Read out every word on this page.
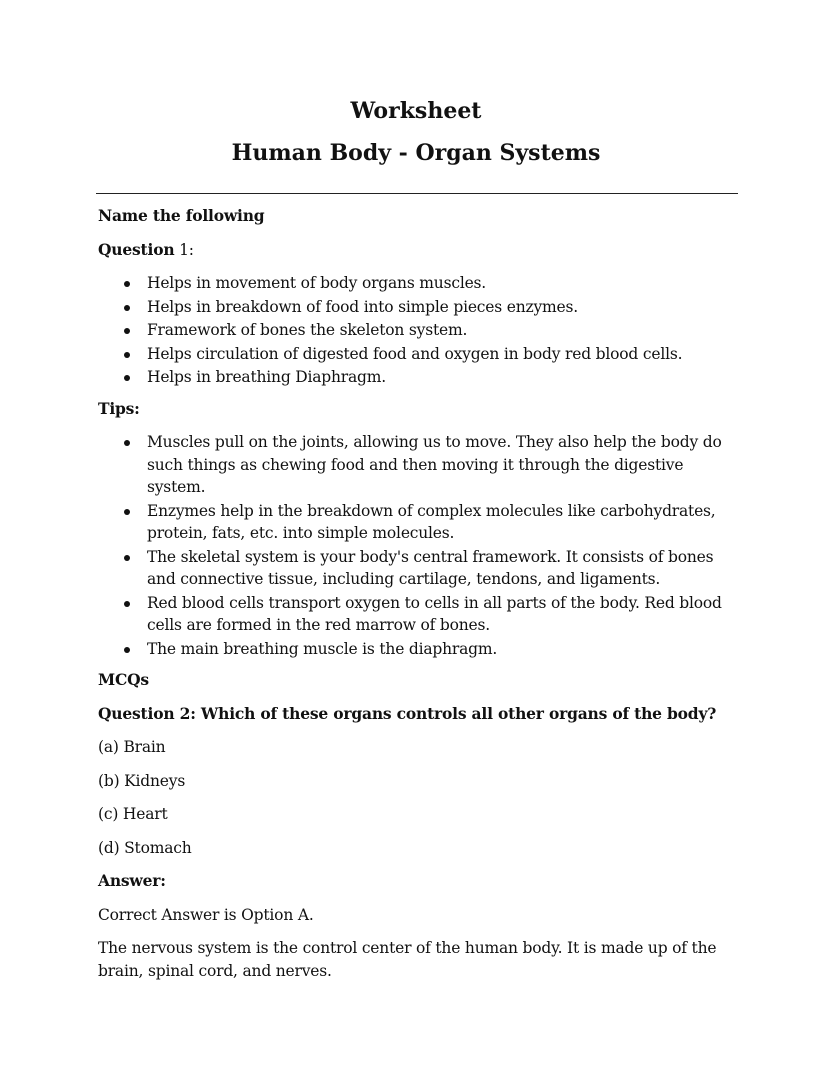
Worksheet
Human Body - Organ Systems

Name the following

Question 1:

Helps in movement of body organs muscles.
Helps in breakdown of food into simple pieces enzymes.
Framework of bones the skeleton system.
Helps circulation of digested food and oxygen in body red blood cells.
Helps in breathing Diaphragm.

Tips:

Muscles pull on the joints, allowing us to move. They also help the body do such things as chewing food and then moving it through the digestive system.
Enzymes help in the breakdown of complex molecules like carbohydrates, protein, fats, etc. into simple molecules.
The skeletal system is your body's central framework. It consists of bones and connective tissue, including cartilage, tendons, and ligaments.
Red blood cells transport oxygen to cells in all parts of the body. Red blood cells are formed in the red marrow of bones.
The main breathing muscle is the diaphragm.

MCQs

Question 2: Which of these organs controls all other organs of the body?

(a) Brain

(b) Kidneys

(c) Heart

(d) Stomach

Answer:

Correct Answer is Option A.

The nervous system is the control center of the human body. It is made up of the brain, spinal cord, and nerves.
